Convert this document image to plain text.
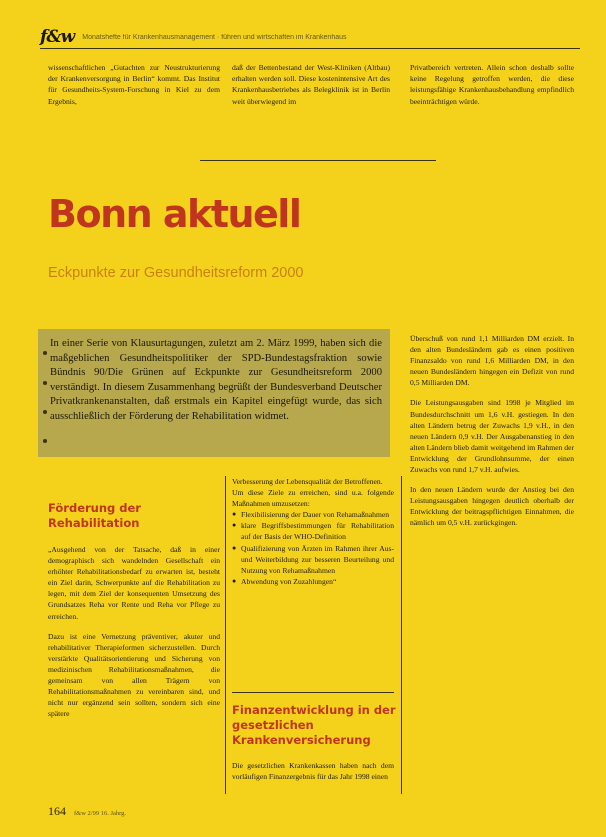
f&w Monatshefte für Krankenhausmanagement · führen und wirtschaften im Krankenhaus
wissenschaftlichen „Gutachten zur Neustrukturierung der Krankenversorgung in Berlin“ kommt. Das Institut für Gesundheits-System-Forschung in Kiel zu dem Ergebnis,
daß der Bettenbestand der West-Kliniken (Altbau) erhalten werden soll. Diese kostenintensive Art des Krankenhausbetriebes als Belegklinik ist in Berlin weit überwiegend im
Privatbereich vertreten. Allein schon deshalb sollte keine Regelung getroffen werden, die diese leistungsfähige Krankenhausbehandlung empfindlich beeinträchtigen würde.
Bonn aktuell
Eckpunkte zur Gesundheitsreform 2000
In einer Serie von Klausurtagungen, zuletzt am 2. März 1999, haben sich die maßgeblichen Gesundheitspolitiker der SPD-Bundestagsfraktion sowie Bündnis 90/Die Grünen auf Eckpunkte zur Gesundheitsreform 2000 verständigt. In diesem Zusammenhang begrüßt der Bundesverband Deutscher Privatkrankenanstalten, daß erstmals ein Kapitel eingefügt wurde, das sich ausschließlich der Förderung der Rehabilitation widmet.

Überschuß von rund 1,1 Milliarden DM erzielt. In den alten Bundesländern gab es einen positiven Finanzsaldo von rund 1,6 Milliarden DM, in den neuen Bundesländern hingegen ein Defizit von rund 0,5 Milliarden DM.

Die Leistungsausgaben sind 1998 je Mitglied im Bundesdurchschnitt um 1,6 v.H. gestiegen. In den alten Ländern betrug der Zuwachs 1,9 v.H., in den neuen Ländern 0,9 v.H. Der Ausgabenanstieg in den alten Ländern blieb damit weitgehend im Rahmen der Entwicklung der Grundlohnsumme, der einen Zuwachs von rund 1,7 v.H. aufwies.

In den neuen Ländern wurde der Anstieg bei den Leistungsausgaben hingegen deutlich oberhalb der Entwicklung der beitragspflichtigen Einnahmen, die nämlich um 0,5 v.H. zurückgingen.

Förderung der Rehabilitation

„Ausgehend von der Tatsache, daß in einer demographisch sich wandelnden Gesellschaft ein erhöhter Rehabilitationsbedarf zu erwarten ist, besteht ein Ziel darin, Schwerpunkte auf die Rehabilitation zu legen, mit dem Ziel der konsequenten Umsetzung des Grundsatzes Reha vor Rente und Reha vor Pflege zu erreichen.

Dazu ist eine Vernetzung präventiver, akuter und rehabilitativer Therapieformen sicherzustellen. Durch verstärkte Qualitätsorientierung und Sicherung von medizinischen Rehabilitationsmaßnahmen, die gemeinsam von allen Trägern von Rehabilitationsmaßnahmen zu vereinbaren sind, und nicht nur ergänzend sein sollten, sondern sich eine spätere

Verbesserung der Lebensqualität der Betroffenen.

Um diese Ziele zu erreichen, sind u.a. folgende Maßnahmen umzusetzen:

● Flexibilisierung der Dauer von Rehamaßnahmen
● klare Begriffsbestimmungen für Rehabilitation auf der Basis der WHO-Definition
● Qualifizierung von Ärzten im Rahmen ihrer Aus- und Weiterbildung zur besseren Beurteilung und Nutzung von Rehamaßnahmen
● Abwendung von Zuzahlungen“
Finanzentwicklung in der gesetzlichen Krankenversicherung
Die gesetzlichen Krankenkassen haben nach dem vorläufigen Finanzergebnis für das Jahr 1998 einen
164 f&w 2/99 16. Jahrg.
